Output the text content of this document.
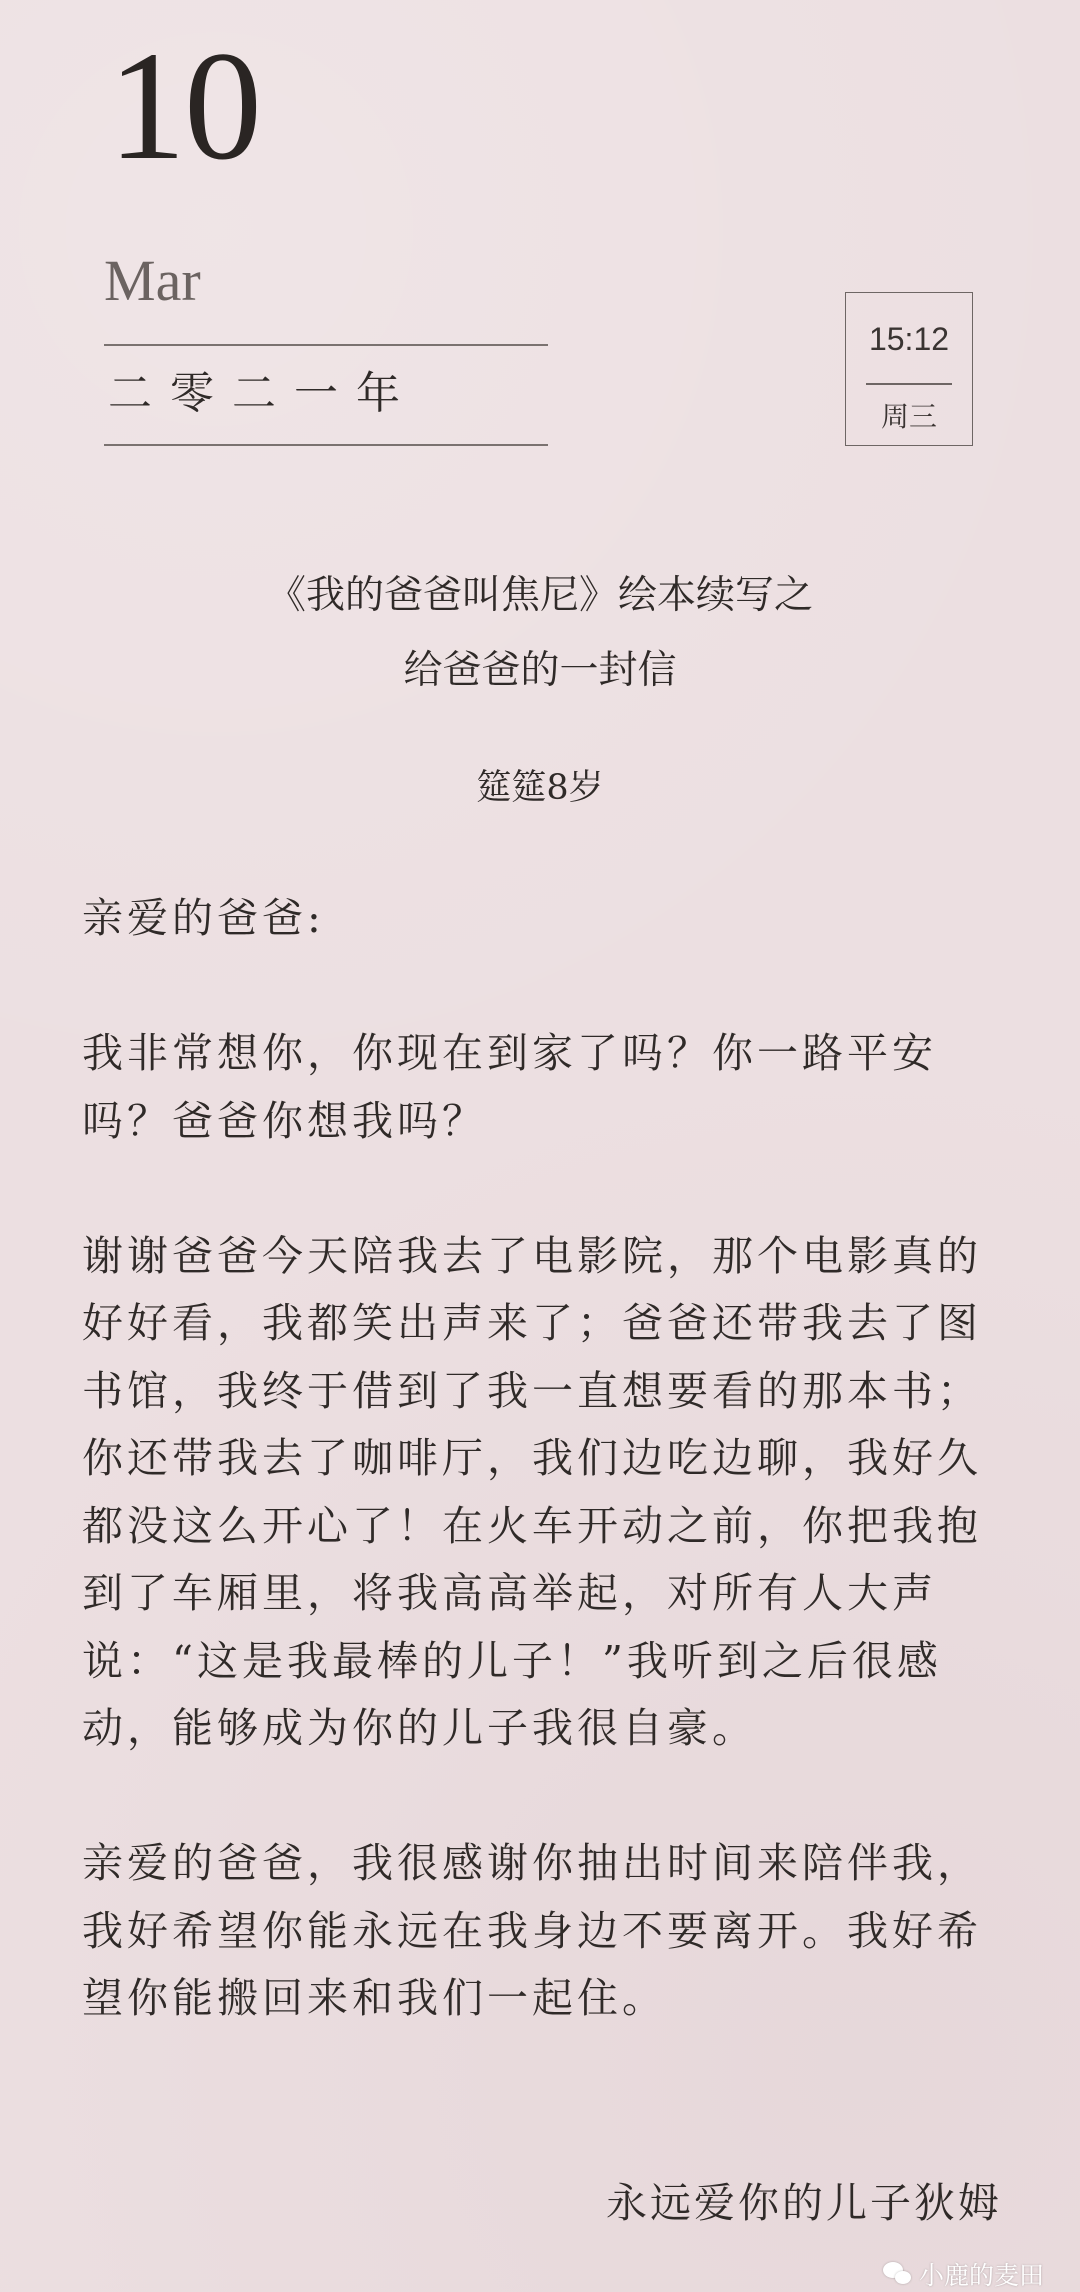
10
Mar
二零二一年
15:12
周三
《我的爸爸叫焦尼》绘本续写之
给爸爸的一封信
筵筵8岁

亲爱的爸爸:

我非常想你，你现在到家了吗？你一路平安吗？爸爸你想我吗？

谢谢爸爸今天陪我去了电影院，那个电影真的好好看，我都笑出声来了；爸爸还带我去了图书馆，我终于借到了我一直想要看的那本书；你还带我去了咖啡厅，我们边吃边聊，我好久都没这么开心了！在火车开动之前，你把我抱到了车厢里，将我高高举起，对所有人大声说：“这是我最棒的儿子！”我听到之后很感动，能够成为你的儿子我很自豪。

亲爱的爸爸，我很感谢你抽出时间来陪伴我，我好希望你能永远在我身边不要离开。我好希望你能搬回来和我们一起住。

永远爱你的儿子狄姆
小鹿的麦田
